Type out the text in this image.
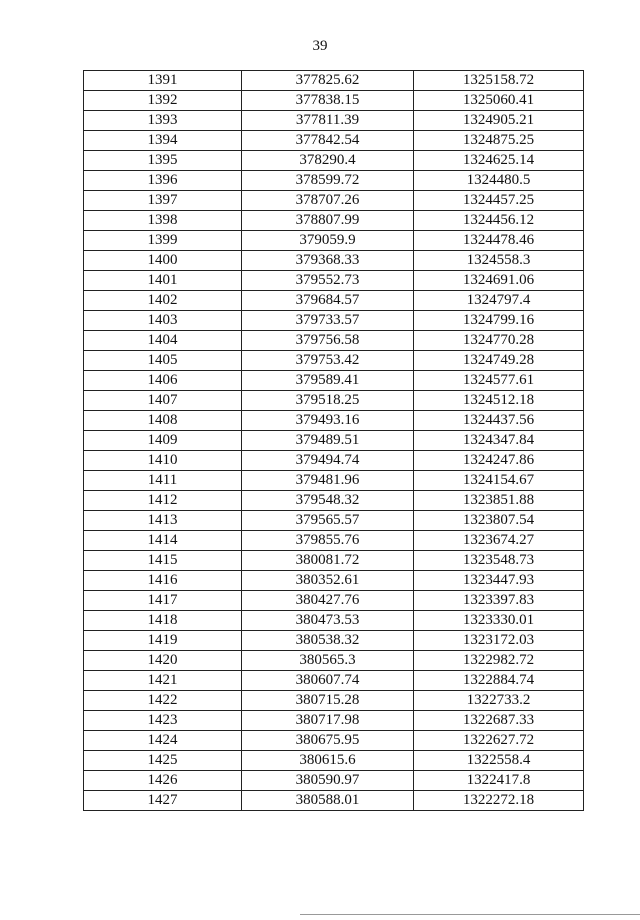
39
1391	377825.62	1325158.72
1392	377838.15	1325060.41
1393	377811.39	1324905.21
1394	377842.54	1324875.25
1395	378290.4	1324625.14
1396	378599.72	1324480.5
1397	378707.26	1324457.25
1398	378807.99	1324456.12
1399	379059.9	1324478.46
1400	379368.33	1324558.3
1401	379552.73	1324691.06
1402	379684.57	1324797.4
1403	379733.57	1324799.16
1404	379756.58	1324770.28
1405	379753.42	1324749.28
1406	379589.41	1324577.61
1407	379518.25	1324512.18
1408	379493.16	1324437.56
1409	379489.51	1324347.84
1410	379494.74	1324247.86
1411	379481.96	1324154.67
1412	379548.32	1323851.88
1413	379565.57	1323807.54
1414	379855.76	1323674.27
1415	380081.72	1323548.73
1416	380352.61	1323447.93
1417	380427.76	1323397.83
1418	380473.53	1323330.01
1419	380538.32	1323172.03
1420	380565.3	1322982.72
1421	380607.74	1322884.74
1422	380715.28	1322733.2
1423	380717.98	1322687.33
1424	380675.95	1322627.72
1425	380615.6	1322558.4
1426	380590.97	1322417.8
1427	380588.01	1322272.18
